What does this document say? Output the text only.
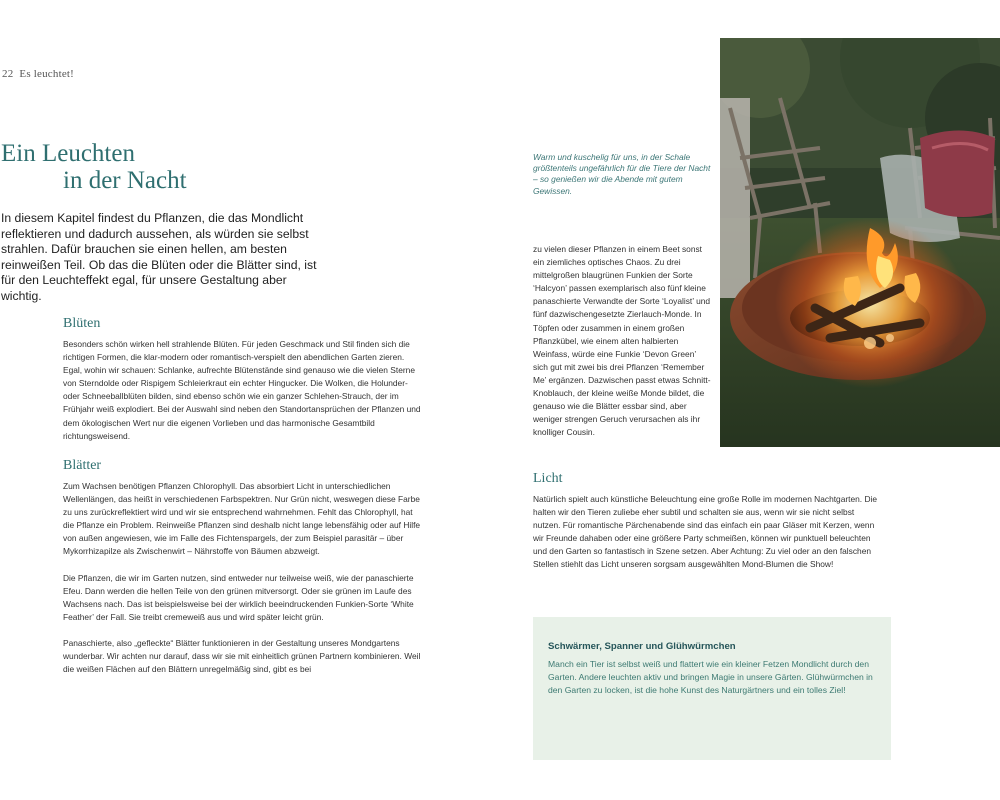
22 Es leuchtet!
Ein Leuchten
in der Nacht

In diesem Kapitel findest du Pflanzen, die das Mondlicht reflektieren und dadurch aussehen, als würden sie selbst strahlen. Dafür brauchen sie einen hellen, am besten reinweißen Teil. Ob das die Blüten oder die Blätter sind, ist für den Leuchteffekt egal, für unsere Gestaltung aber wichtig.

Blüten

Besonders schön wirken hell strahlende Blüten. Für jeden Geschmack und Stil finden sich die richtigen Formen, die klar-modern oder romantisch-verspielt den abendlichen Garten zieren. Egal, wohin wir schauen: Schlanke, aufrechte Blütenstände sind genauso wie die vielen Sterne von Sterndolde oder Rispigem Schleierkraut ein echter Hingucker. Die Wolken, die Holunder- oder Schneeballblüten bilden, sind ebenso schön wie ein ganzer Schlehen-Strauch, der im Frühjahr weiß explodiert. Bei der Auswahl sind neben den Standortansprüchen der Pflanzen und dem ökologischen Wert nur die eigenen Vorlieben und das harmonische Gesamtbild richtungsweisend.

Blätter

Zum Wachsen benötigen Pflanzen Chlorophyll. Das absorbiert Licht in unterschiedlichen Wellenlängen, das heißt in verschiedenen Farbspektren. Nur Grün nicht, weswegen diese Farbe zu uns zurückreflektiert wird und wir sie entsprechend wahrnehmen. Fehlt das Chlorophyll, hat die Pflanze ein Problem. Reinweiße Pflanzen sind deshalb nicht lange lebensfähig oder auf Hilfe von außen angewiesen, wie im Falle des Fichtenspargels, der zum Beispiel parasitär – über Mykorrhizapilze als Zwischenwirt – Nährstoffe von Bäumen abzweigt.

Die Pflanzen, die wir im Garten nutzen, sind entweder nur teilweise weiß, wie der panaschierte Efeu. Dann werden die hellen Teile von den grünen mitversorgt. Oder sie grünen im Laufe des Wachsens nach. Das ist beispielsweise bei der wirklich beeindruckenden Funkien-Sorte ‘White Feather’ der Fall. Sie treibt cremeweiß aus und wird später leicht grün.

Panaschierte, also „gefleckte“ Blätter funktionieren in der Gestaltung unseres Mondgartens wunderbar. Wir achten nur darauf, dass wir sie mit einheitlich grünen Partnern kombinieren. Weil die weißen Flächen auf den Blättern unregelmäßig sind, gibt es bei

Warm und kuschelig für uns, in der Schale größtenteils ungefährlich für die Tiere der Nacht – so genießen wir die Abende mit gutem Gewissen.

zu vielen dieser Pflanzen in einem Beet sonst ein ziemliches optisches Chaos. Zu drei mittelgroßen blaugrünen Funkien der Sorte ‘Halcyon’ passen exemplarisch also fünf kleine panaschierte Verwandte der Sorte ‘Loyalist’ und fünf dazwischengesetzte Zierlauch-Monde. In Töpfen oder zusammen in einem großen Pflanzkübel, wie einem alten halbierten Weinfass, würde eine Funkie ‘Devon Green’ sich gut mit zwei bis drei Pflanzen ‘Remember Me’ ergänzen. Dazwischen passt etwas Schnitt-Knoblauch, der kleine weiße Monde bildet, die genauso wie die Blätter essbar sind, aber weniger strengen Geruch verursachen als ihr knolliger Cousin.

Licht

Natürlich spielt auch künstliche Beleuchtung eine große Rolle im modernen Nachtgarten. Die halten wir den Tieren zuliebe eher subtil und schalten sie aus, wenn wir sie nicht selbst nutzen. Für romantische Pärchenabende sind das einfach ein paar Gläser mit Kerzen, wenn wir Freunde dahaben oder eine größere Party schmeißen, können wir punktuell beleuchten und den Garten so fantastisch in Szene setzen. Aber Achtung: Zu viel oder an den falschen Stellen stiehlt das Licht unseren sorgsam ausgewählten Mond-Blumen die Show!

Schwärmer, Spanner und Glühwürmchen

Manch ein Tier ist selbst weiß und flattert wie ein kleiner Fetzen Mondlicht durch den Garten. Andere leuchten aktiv und bringen Magie in unsere Gärten. Glühwürmchen in den Garten zu locken, ist die hohe Kunst des Naturgärtners und ein tolles Ziel!
